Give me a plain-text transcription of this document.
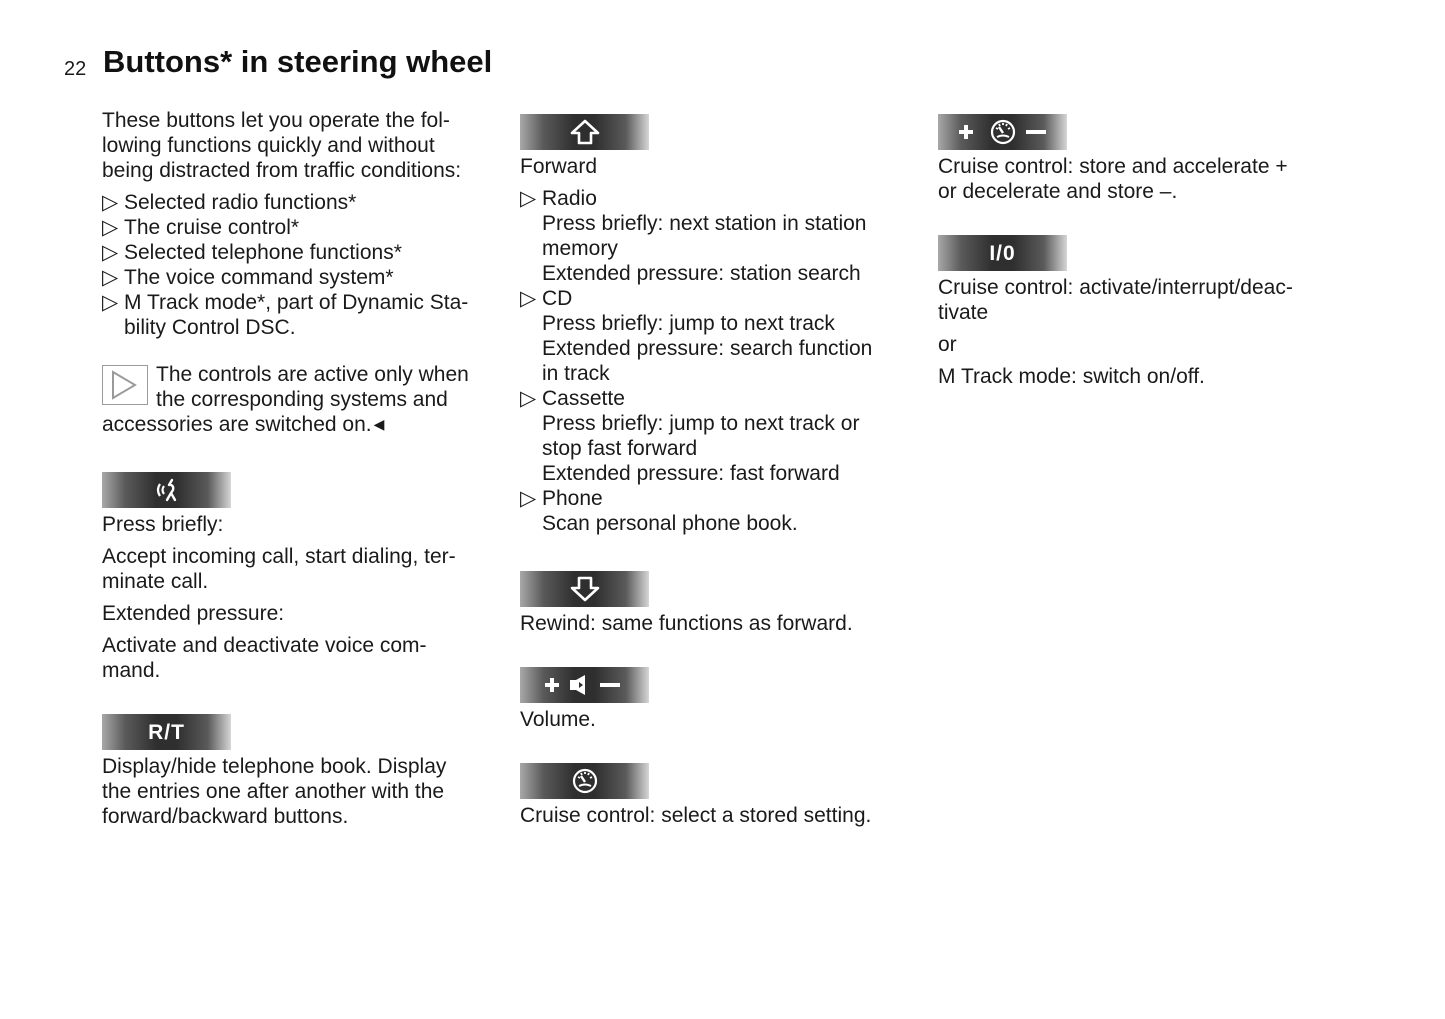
22 Buttons* in steering wheel
These buttons let you operate the fol-
lowing functions quickly and without
being distracted from traffic conditions:
▷ Selected radio functions*
▷ The cruise control*
▷ Selected telephone functions*
▷ The voice command system*
▷ M Track mode*, part of Dynamic Sta-
bility Control DSC.
The controls are active only when
the corresponding systems and
accessories are switched on. ◀
Press briefly:
Accept incoming call, start dialing, ter-
minate call.
Extended pressure:
Activate and deactivate voice com-
mand.
R/T
Display/hide telephone book. Display
the entries one after another with the
forward/backward buttons.
Forward
▷ Radio
Press briefly: next station in station
memory
Extended pressure: station search
▷ CD
Press briefly: jump to next track
Extended pressure: search function
in track
▷ Cassette
Press briefly: jump to next track or
stop fast forward
Extended pressure: fast forward
▷ Phone
Scan personal phone book.
Rewind: same functions as forward.
Volume.
Cruise control: select a stored setting.
Cruise control: store and accelerate +
or decelerate and store –.
I/0
Cruise control: activate/interrupt/deac-
tivate
or
M Track mode: switch on/off.
